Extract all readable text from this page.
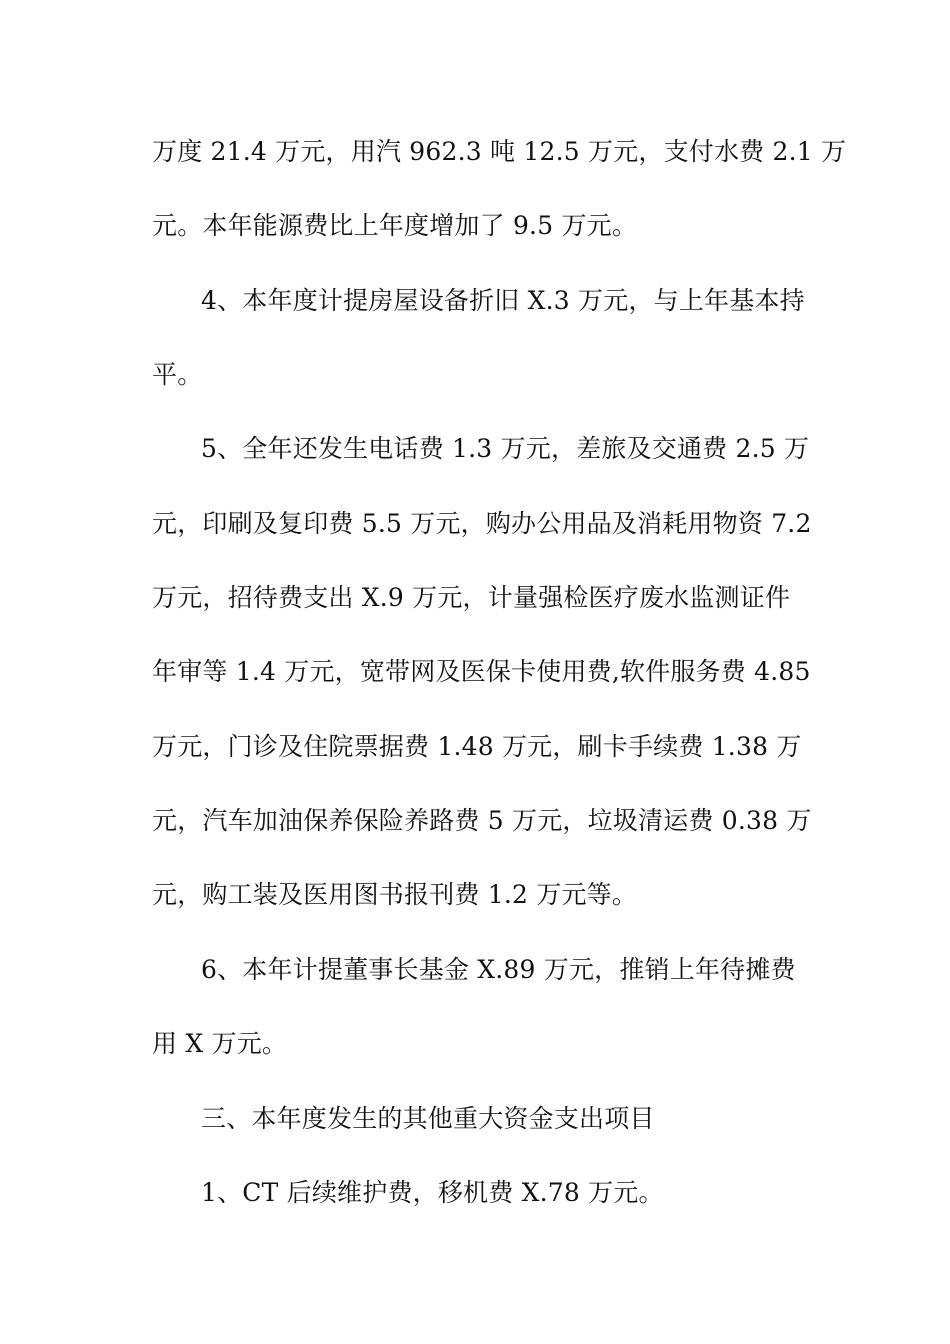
万度 21.4 万元，用汽 962.3 吨 12.5 万元，支付水费 2.1 万
元。本年能源费比上年度增加了 9.5 万元。
4、本年度计提房屋设备折旧 X.3 万元，与上年基本持
平。
5、全年还发生电话费 1.3 万元，差旅及交通费 2.5 万
元，印刷及复印费 5.5 万元，购办公用品及消耗用物资 7.2
万元，招待费支出 X.9 万元，计量强检医疗废水监测证件
年审等 1.4 万元，宽带网及医保卡使用费,软件服务费 4.85
万元，门诊及住院票据费 1.48 万元，刷卡手续费 1.38 万
元，汽车加油保养保险养路费 5 万元，垃圾清运费 0.38 万
元，购工装及医用图书报刊费 1.2 万元等。
6、本年计提董事长基金 X.89 万元，推销上年待摊费
用 X 万元。
三、本年度发生的其他重大资金支出项目
1、CT 后续维护费，移机费 X.78 万元。
